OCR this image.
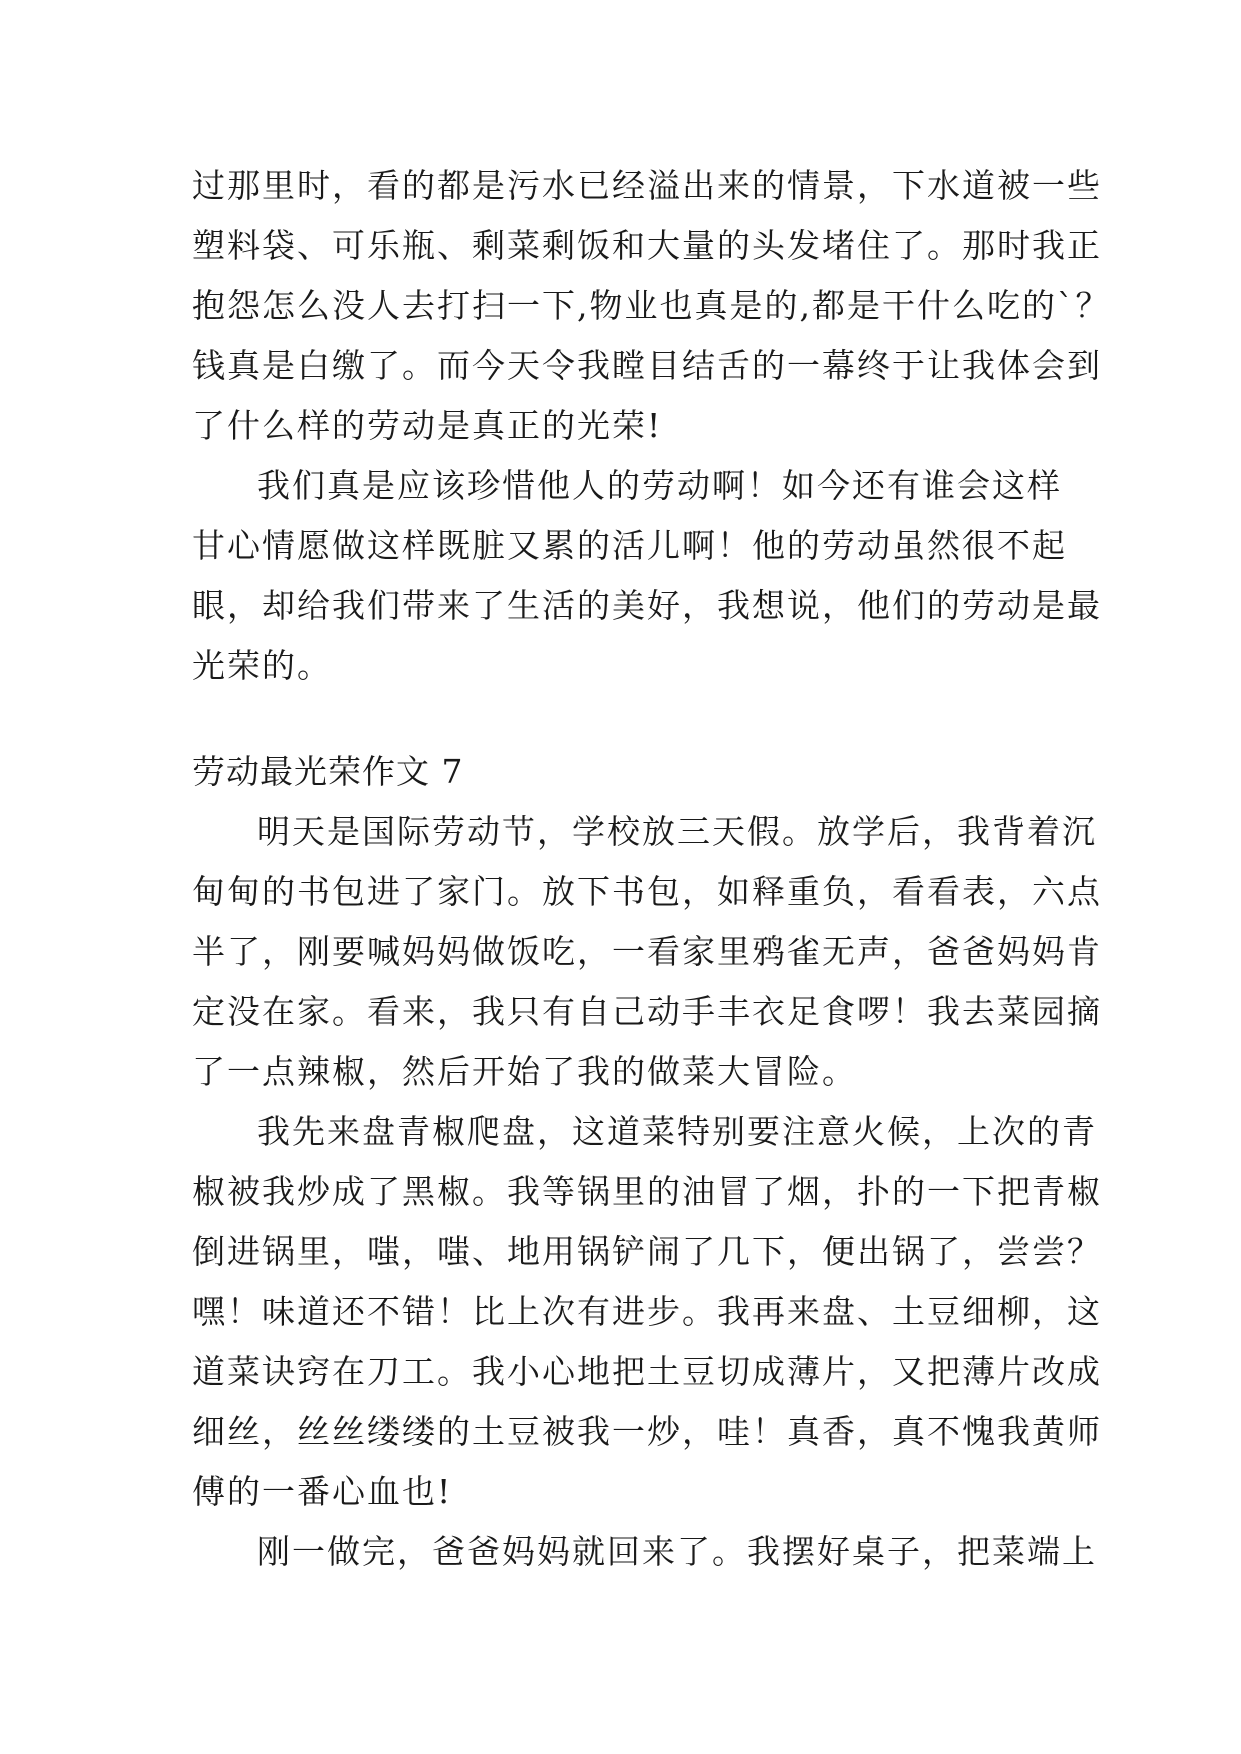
过那里时，看的都是污水已经溢出来的情景，下水道被一些
塑料袋、可乐瓶、剩菜剩饭和大量的头发堵住了。那时我正
抱怨怎么没人去打扫一下,物业也真是的,都是干什么吃的`？
钱真是白缴了。而今天令我瞠目结舌的一幕终于让我体会到
了什么样的劳动是真正的光荣!
我们真是应该珍惜他人的劳动啊！如今还有谁会这样
甘心情愿做这样既脏又累的活儿啊！他的劳动虽然很不起
眼，却给我们带来了生活的美好，我想说，他们的劳动是最
光荣的。
劳动最光荣作文 7
明天是国际劳动节，学校放三天假。放学后，我背着沉
甸甸的书包进了家门。放下书包，如释重负，看看表，六点
半了，刚要喊妈妈做饭吃，一看家里鸦雀无声，爸爸妈妈肯
定没在家。看来，我只有自己动手丰衣足食啰！我去菜园摘
了一点辣椒，然后开始了我的做菜大冒险。
我先来盘青椒爬盘，这道菜特别要注意火候，上次的青
椒被我炒成了黑椒。我等锅里的油冒了烟，扑的一下把青椒
倒进锅里，嗤，嗤、地用锅铲闹了几下，便出锅了，尝尝？
嘿！味道还不错！比上次有进步。我再来盘、土豆细柳，这
道菜诀窍在刀工。我小心地把土豆切成薄片，又把薄片改成
细丝，丝丝缕缕的土豆被我一炒，哇！真香，真不愧我黄师
傅的一番心血也!
刚一做完，爸爸妈妈就回来了。我摆好桌子，把菜端上
